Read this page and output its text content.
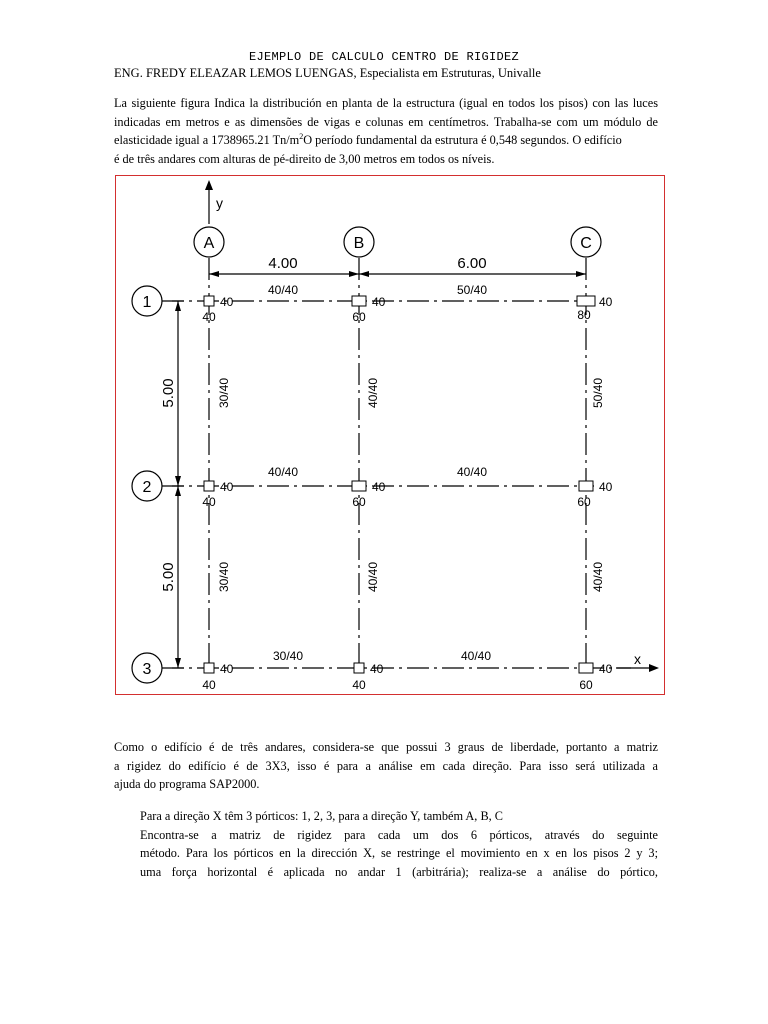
EJEMPLO DE CALCULO CENTRO DE RIGIDEZ
ENG. FREDY ELEAZAR LEMOS LUENGAS, Especialista em Estruturas, Univalle
La siguiente figura Indica la distribución en planta de la estructura (igual en todos los pisos) con las luces
indicadas em metros e as dimensões de vigas e colunas em centímetros. Trabalha-se com um módulo de
elasticidade igual a 1738965.21 $Tn/m^2O$ período fundamental da estrutura é 0,548 segundos. O edifício
é de três andares com alturas de pé-direito de 3,00 metros em todos os níveis.
y
x
A	B	C
1
2
3
4.00	6.00
5.00
5.00
40/40	50/40
40/40	40/40
30/40	40/40
30/40
30/40
40/40
40/40
50/40
40/40
40
40
40
60
40
80
40
40
40
60
40
60
40
40
40
40
40
60
Como o edifício é de três andares, considera-se que possui 3 graus de liberdade, portanto a matriz
a rigidez do edifício é de 3X3, isso é para a análise em cada direção. Para isso será utilizada a
ajuda do programa SAP2000.
Para a direção X têm 3 pórticos: 1, 2, 3, para a direção Y, também A, B, C
Encontra-se a matriz de rigidez para cada um dos 6 pórticos, através do seguinte
método. Para los pórticos en la dirección X, se restringe el movimiento en x en los pisos 2 y 3;
uma força horizontal é aplicada no andar 1 (arbitrária); realiza-se a análise do pórtico,
